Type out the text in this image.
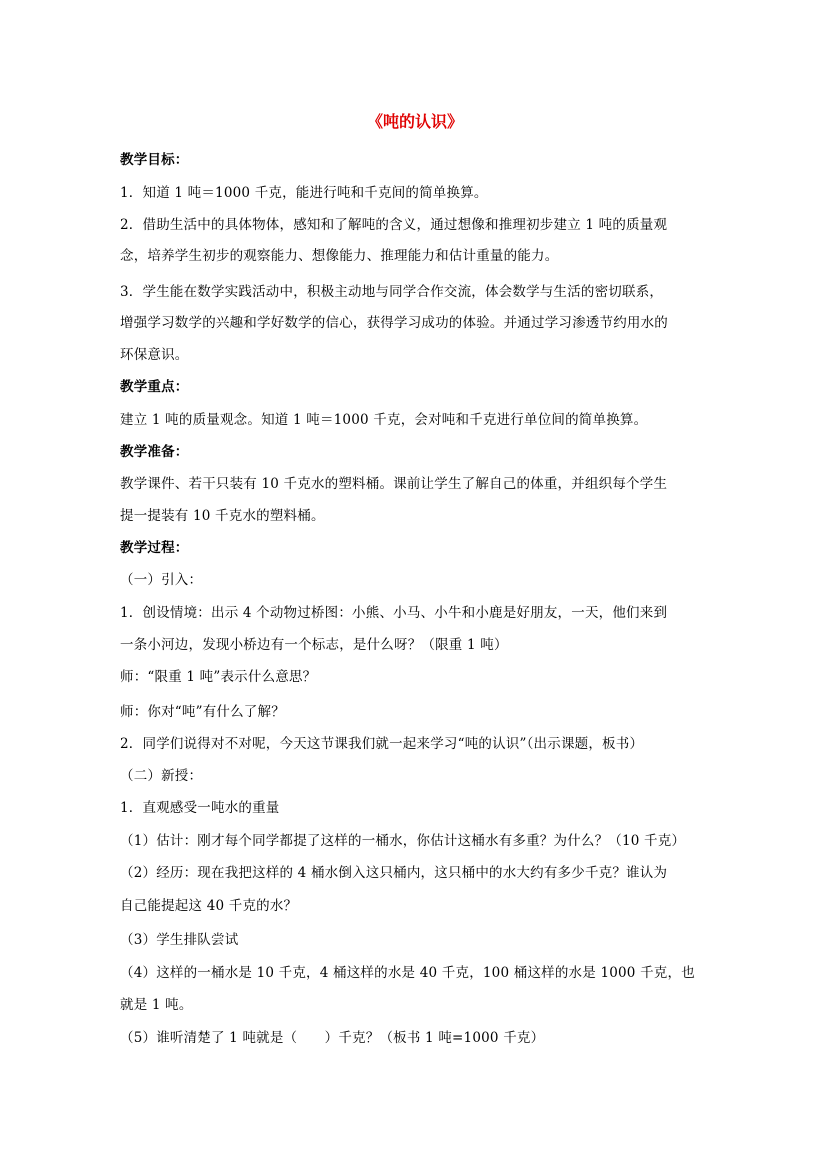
《吨的认识》
教学目标：
1．知道 1 吨＝1000 千克，能进行吨和千克间的简单换算。
2．借助生活中的具体物体，感知和了解吨的含义，通过想像和推理初步建立 1 吨的质量观
念，培养学生初步的观察能力、想像能力、推理能力和估计重量的能力。
3．学生能在数学实践活动中，积极主动地与同学合作交流，体会数学与生活的密切联系，
增强学习数学的兴趣和学好数学的信心，获得学习成功的体验。并通过学习渗透节约用水的
环保意识。
教学重点：
建立 1 吨的质量观念。知道 1 吨＝1000 千克，会对吨和千克进行单位间的简单换算。
教学准备：
教学课件、若干只装有 10 千克水的塑料桶。课前让学生了解自己的体重，并组织每个学生
提一提装有 10 千克水的塑料桶。
教学过程：
（一）引入：
1．创设情境：出示 4 个动物过桥图：小熊、小马、小牛和小鹿是好朋友，一天，他们来到
一条小河边，发现小桥边有一个标志，是什么呀？（限重 1 吨）
师：“限重 1 吨”表示什么意思？
师：你对“吨”有什么了解？
2．同学们说得对不对呢，今天这节课我们就一起来学习“吨的认识”（出示课题，板书）
（二）新授：
1．直观感受一吨水的重量
（1）估计：刚才每个同学都提了这样的一桶水，你估计这桶水有多重？为什么？（10 千克）
（2）经历：现在我把这样的 4 桶水倒入这只桶内，这只桶中的水大约有多少千克？谁认为
自己能提起这 40 千克的水？
（3）学生排队尝试
（4）这样的一桶水是 10 千克，4 桶这样的水是 40 千克，100 桶这样的水是 1000 千克，也
就是 1 吨。
（5）谁听清楚了 1 吨就是（　　）千克？（板书 1 吨=1000 千克）
